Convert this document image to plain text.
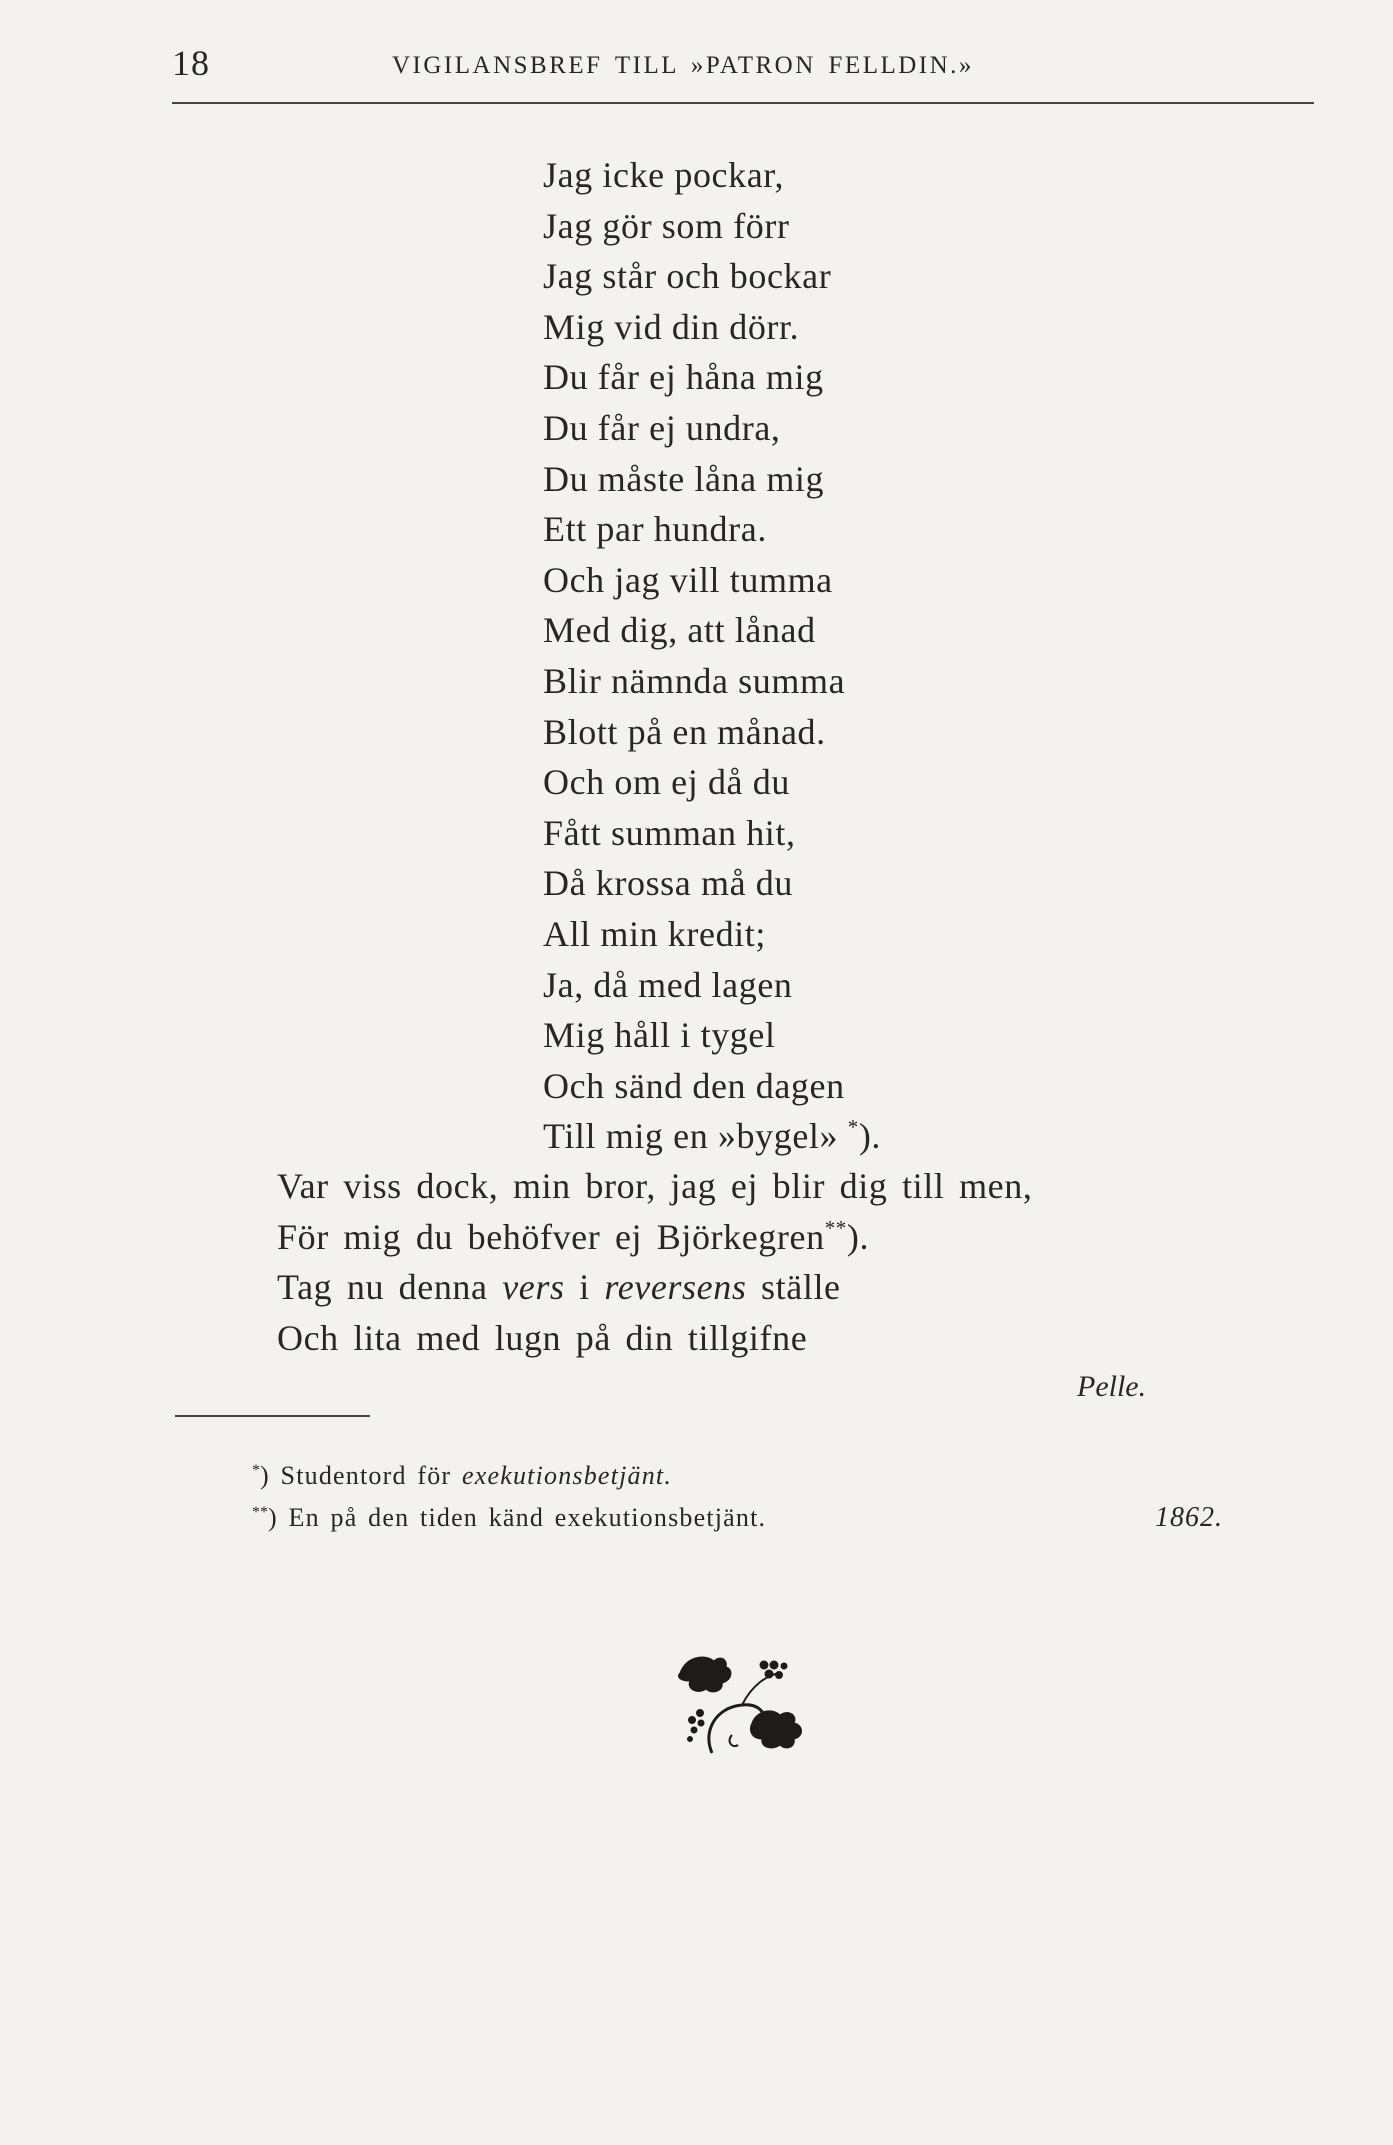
18	VIGILANSBREF TILL »PATRON FELLDIN.»
Jag icke pockar,
Jag gör som förr
Jag står och bockar
Mig vid din dörr.
Du får ej håna mig
Du får ej undra,
Du måste låna mig
Ett par hundra.
Och jag vill tumma
Med dig, att lånad
Blir nämnda summa
Blott på en månad.
Och om ej då du
Fått summan hit,
Då krossa må du
All min kredit;
Ja, då med lagen
Mig håll i tygel
Och sänd den dagen
Till mig en »bygel» *).
Var viss dock, min bror, jag ej blir dig till men,
För mig du behöfver ej Björkegren**).
Tag nu denna vers i reversens ställe
Och lita med lugn på din tillgifne
Pelle.
*) Studentord för exekutionsbetjänt.
**) En på den tiden känd exekutionsbetjänt.	1862.
